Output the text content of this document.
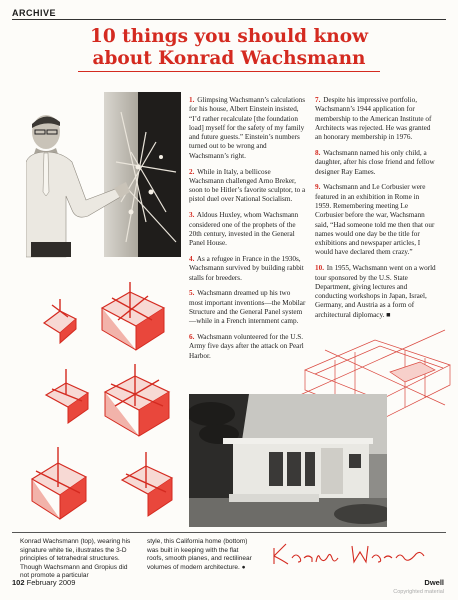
ARCHIVE
10 things you should know about Konrad Wachsmann

1. Glimpsing Wachsmann’s calculations for his house, Albert Einstein insisted, “I’d rather recalculate [the foundation load] myself for the safety of my family and future guests.” Einstein’s numbers turned out to be wrong and Wachsmann’s right.

2. While in Italy, a bellicose Wachsmann challenged Arno Breker, soon to be Hitler’s favorite sculptor, to a pistol duel over National Socialism.

3. Aldous Huxley, whom Wachsmann considered one of the prophets of the 20th century, invested in the General Panel House.

4. As a refugee in France in the 1930s, Wachsmann survived by building rabbit stalls for breeders.

5. Wachsmann dreamed up his two most important inventions—the Mobilar Structure and the General Panel system—while in a French internment camp.

6. Wachsmann volunteered for the U.S. Army five days after the attack on Pearl Harbor.

7. Despite his impressive portfolio, Wachsmann’s 1944 application for membership to the American Institute of Architects was rejected. He was granted an honorary membership in 1976.

8. Wachsmann named his only child, a daughter, after his close friend and fellow designer Ray Eames.

9. Wachsmann and Le Corbusier were featured in an exhibition in Rome in 1959. Remembering meeting Le Corbusier before the war, Wachsmann said, “Had someone told me then that our names would one day be the title for exhibitions and newspaper articles, I would have declared them crazy.”

10. In 1955, Wachsmann went on a world tour sponsored by the U.S. State Department, giving lectures and conducting workshops in Japan, Israel, Germany, and Austria as a form of architectural diplomacy. ■

Konrad Wachsmann (top), wearing his signature white tie, illustrates the 3-D principles of tetrahedral structures. Though Wachsmann and Gropius did not promote a particular

style, this California home (bottom) was built in keeping with the flat roofs, smooth planes, and rectilinear volumes of modern architecture. ●

102 February 2009	Dwell
Copyrighted material
